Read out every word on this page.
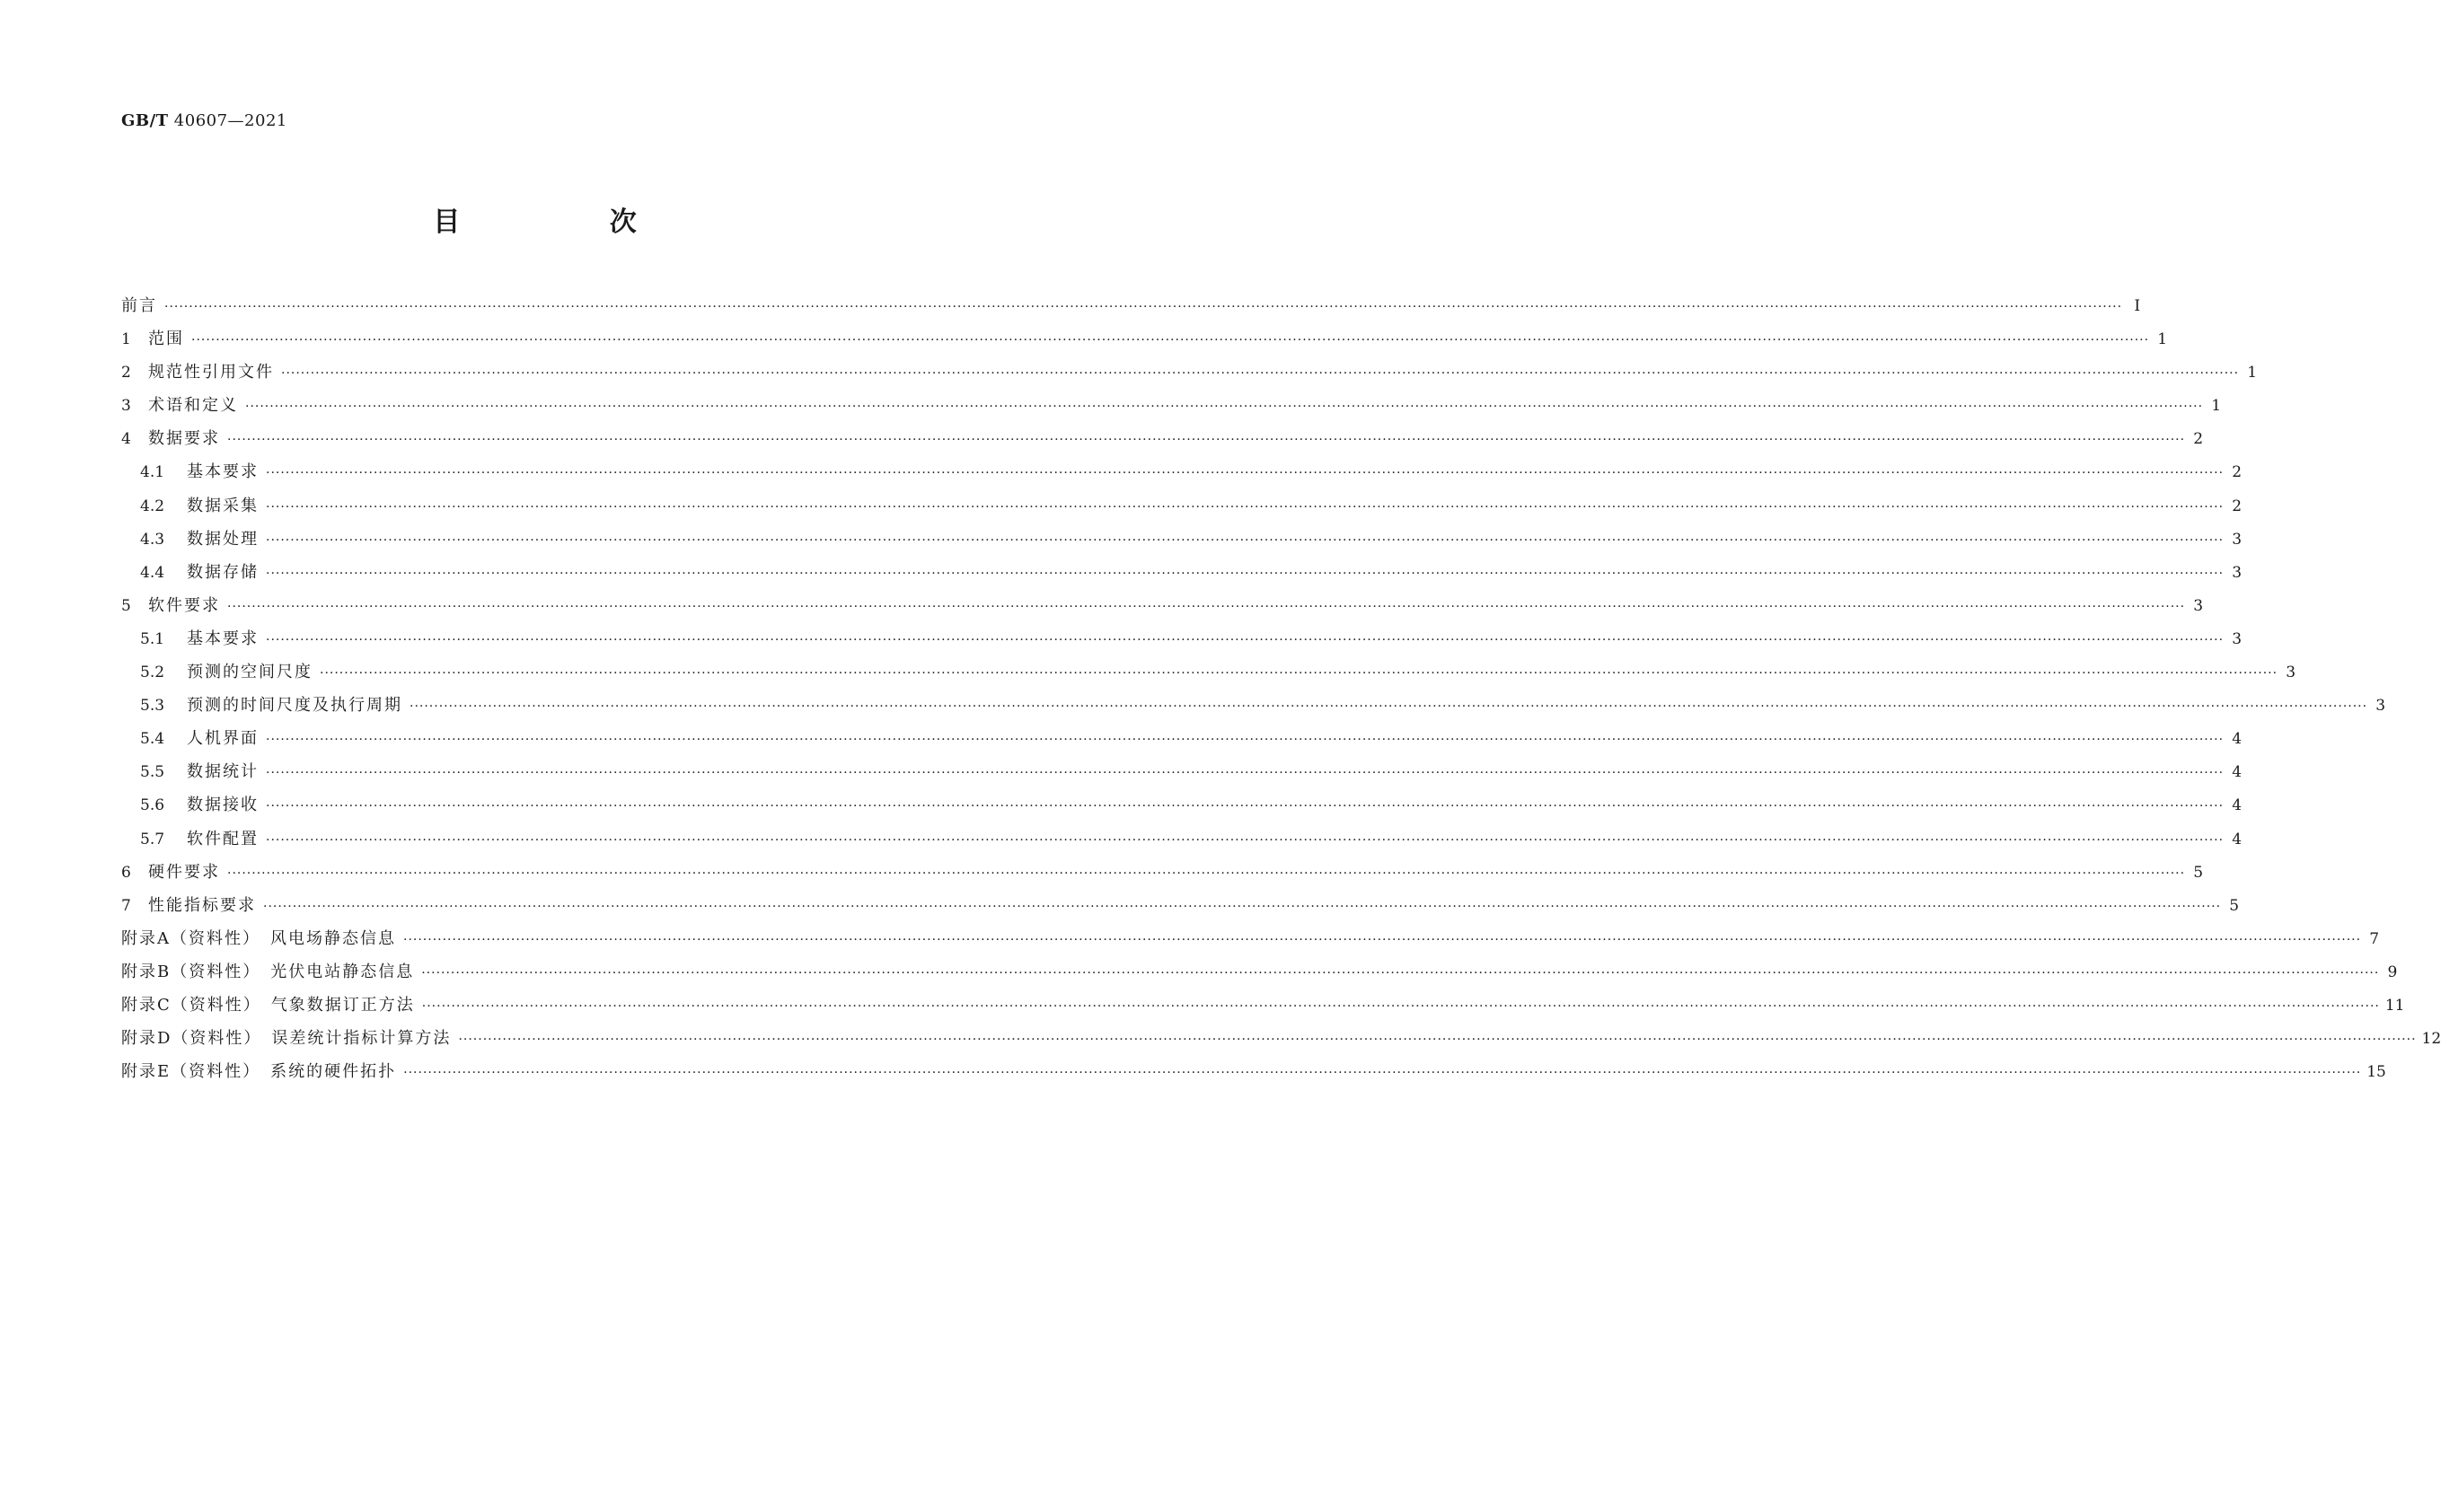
GB/T 40607—2021
目 次
前言 ················································································································································································································································································································································································································ Ⅰ
1	范围 ················································································································································································································································································································································································································ 1
2	规范性引用文件 ················································································································································································································································································································································································································ 1
3	术语和定义 ················································································································································································································································································································································································································ 1
4	数据要求 ················································································································································································································································································································································································································ 2
4.1	基本要求 ················································································································································································································································································································································································································ 2
4.2	数据采集 ················································································································································································································································································································································································································ 2
4.3	数据处理 ················································································································································································································································································································································································································ 3
4.4	数据存储 ················································································································································································································································································································································································································ 3
5	软件要求 ················································································································································································································································································································································································································ 3
5.1	基本要求 ················································································································································································································································································································································································································ 3
5.2	预测的空间尺度 ················································································································································································································································································································································································································ 3
5.3	预测的时间尺度及执行周期 ················································································································································································································································································································································································································ 3
5.4	人机界面 ················································································································································································································································································································································································································ 4
5.5	数据统计 ················································································································································································································································································································································································································ 4
5.6	数据接收 ················································································································································································································································································································································································································ 4
5.7	软件配置 ················································································································································································································································································································································································································ 4
6	硬件要求 ················································································································································································································································································································································································································ 5
7	性能指标要求 ················································································································································································································································································································································································································ 5
附录A（资料性）　风电场静态信息 ················································································································································································································································································································································································································ 7
附录B（资料性）　光伏电站静态信息 ················································································································································································································································································································································································································ 9
附录C（资料性）　气象数据订正方法 ················································································································································································································································································································································································································ 11
附录D（资料性）　误差统计指标计算方法 ················································································································································································································································································································································································································ 12
附录E（资料性）　系统的硬件拓扑 ················································································································································································································································································································································································································ 15
